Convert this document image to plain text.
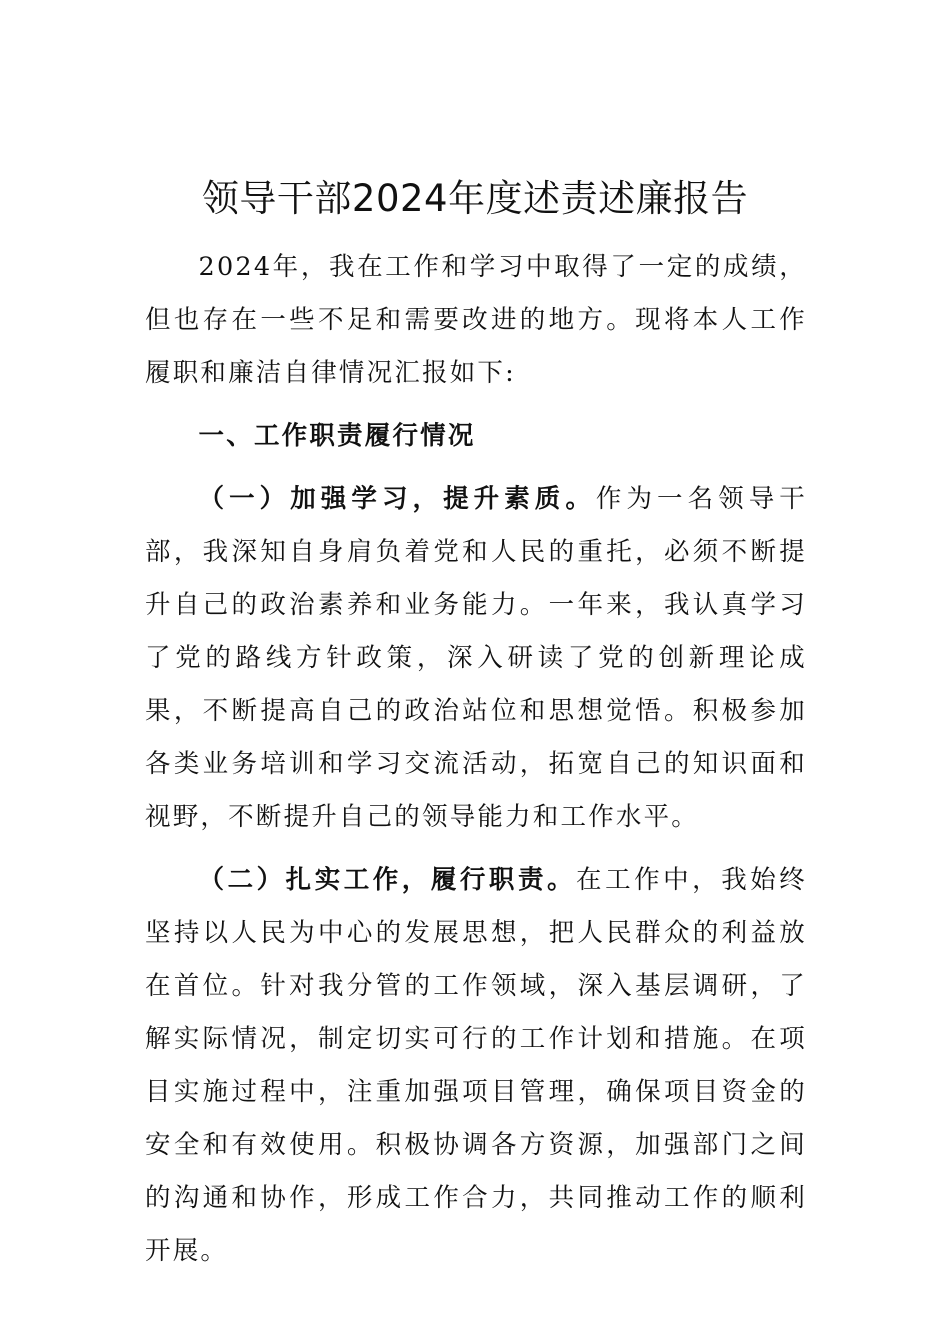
领导干部2024年度述责述廉报告

2024年，我在工作和学习中取得了一定的成绩，但也存在一些不足和需要改进的地方。现将本人工作履职和廉洁自律情况汇报如下:

一、工作职责履行情况

（一）加强学习，提升素质。作为一名领导干部，我深知自身肩负着党和人民的重托，必须不断提升自己的政治素养和业务能力。一年来，我认真学习了党的路线方针政策，深入研读了党的创新理论成果，不断提高自己的政治站位和思想觉悟。积极参加各类业务培训和学习交流活动，拓宽自己的知识面和视野，不断提升自己的领导能力和工作水平。

（二）扎实工作，履行职责。在工作中，我始终坚持以人民为中心的发展思想，把人民群众的利益放在首位。针对我分管的工作领域，深入基层调研，了解实际情况，制定切实可行的工作计划和措施。在项目实施过程中，注重加强项目管理，确保项目资金的安全和有效使用。积极协调各方资源，加强部门之间的沟通和协作，形成工作合力，共同推动工作的顺利开展。
